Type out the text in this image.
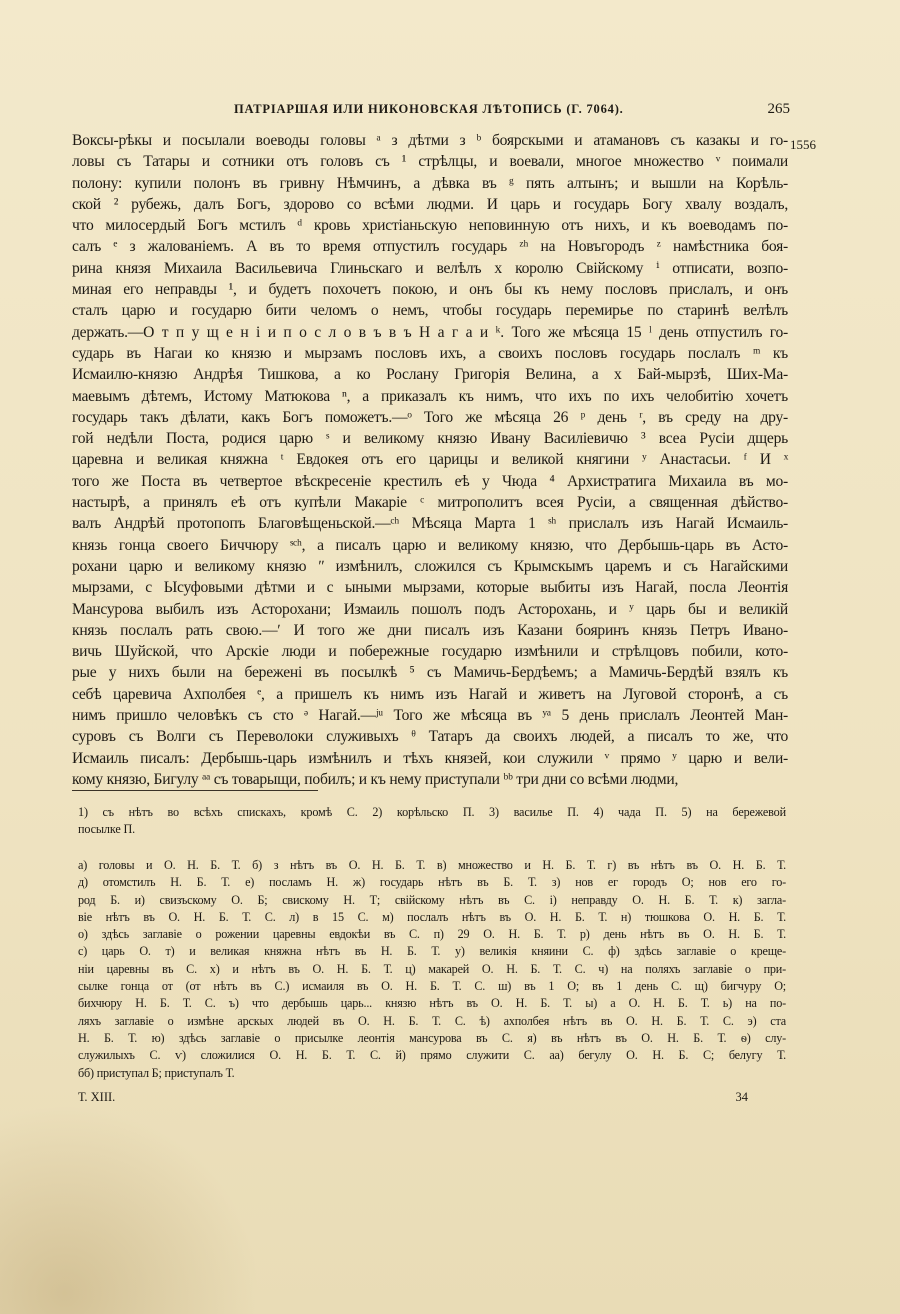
ПАТРІАРШАЯ ИЛИ НИКОНОВСКАЯ ЛѢТОПИСЬ (Г. 7064).	265
1556
Воксы-рѣкы и посылали воеводы головы ᵃ з дѣтми з ᵇ боярскыми и атамановъ съ казакы и го-
ловы съ Татары и сотники отъ головъ съ ¹ стрѣлцы, и воевали, многое множество ᵛ поимали
полону: купили полонъ въ гривну Нѣмчинъ, а дѣвка въ ᵍ пять алтынъ; и вышли на Корѣль-
ской ² рубежь, далъ Богъ, здорово со всѣми людми. И царь и государь Богу хвалу воздалъ,
что милосердый Богъ мстилъ ᵈ кровь христіаньскую неповинную отъ нихъ, и къ воеводамъ по-
салъ ᵉ з жалованіемъ. А въ то время отпустилъ государь ᶻʰ на Новъгородъ ᶻ намѣстника боя-
рина князя Михаила Васильевича Глиньскаго и велѣлъ х королю Свійскому ⁱ отписати, возпо-
миная его неправды ¹, и будетъ похочетъ покою, и онъ бы къ нему пословъ прислалъ, и онъ
сталъ царю и государю бити челомъ о немъ, чтобы государь перемирье по старинѣ велѣлъ
держать.—О т п у щ е н і и п о с л о в ъ в ъ Н а г а и ᵏ. Того же мѣсяца 15 ˡ день отпустилъ го-
сударь въ Нагаи ко князю и мырзамъ пословъ ихъ, а своихъ пословъ государь послалъ ᵐ къ
Исмаилю-князю Андрѣя Тишкова, а ко Рослану Григорія Велина, а х Бай-мырзѣ, Ших-Ма-
маевымъ дѣтемъ, Истому Матюкова ⁿ, а приказалъ къ нимъ, что ихъ по ихъ челобитію хочетъ
государь такъ дѣлати, какъ Богъ поможетъ.—ᵒ Того же мѣсяца 26 ᵖ день ʳ, въ среду на дру-
гой недѣли Поста, родися царю ˢ и великому князю Ивану Василіевичю ³ всеа Русіи дщерь
царевна и великая княжна ᵗ Евдокея отъ его царицы и великой княгини ʸ Анастасьи. ᶠ И ˣ
того же Поста въ четвертое вѣскресеніе крестилъ еѣ у Чюда ⁴ Архистратига Михаила въ мо-
настырѣ, а принялъ еѣ отъ купѣли Макаріе ᶜ митрополитъ всея Русіи, а священная дѣйство-
валъ Андрѣй протопопъ Благовѣщеньской.—ᶜʰ Мѣсяца Марта 1 ˢʰ прислалъ изъ Нагай Исмаиль-
князь гонца своего Биччюру ˢᶜʰ, а писалъ царю и великому князю, что Дербышь-царь въ Асто-
рохани царю и великому князю ʺ измѣнилъ, сложился съ Крымскымъ царемъ и съ Нагайскими
мырзами, с Ысуфовыми дѣтми и с ыными мырзами, которые выбиты изъ Нагай, посла Леонтія
Мансурова выбилъ изъ Асторохани; Измаиль пошолъ подъ Асторохань, и ʸ царь бы и великій
князь послалъ рать свою.—ʹ И того же дни писалъ изъ Казани бояринъ князь Петръ Ивано-
вичь Шуйской, что Арскіе люди и побережные государю измѣнили и стрѣлцовъ побили, кото-
рые у нихъ были на бережені въ посылкѣ ⁵ съ Мамичь-Бердѣемъ; а Мамичь-Бердѣй взялъ къ
себѣ царевича Ахполбея ᵉ, а пришелъ къ нимъ изъ Нагай и живетъ на Луговой сторонѣ, а съ
нимъ пришло человѣкъ съ сто ᵊ Нагай.—ʲᵘ Того же мѣсяца въ ʸᵃ 5 день прислалъ Леонтей Ман-
суровъ съ Волги съ Переволоки служивыхъ ᶿ Татаръ да своихъ людей, а писалъ то же, что
Исмаиль писалъ: Дербышь-царь измѣнилъ и тѣхъ князей, кои служили ᵛ прямо ʸ царю и вели-
кому князю, Бигулу ᵃᵃ съ товарыщи, побилъ; и къ нему приступали ᵇᵇ три дни со всѣми людми,
1) съ нѣтъ во всѣхъ спискахъ, кромѣ С. 2) корѣльско П. 3) василье П. 4) чада П. 5) на бережевой
посылке П.
а) головы и О. Н. Б. Т. б) з нѣтъ въ О. Н. Б. Т. в) множество и Н. Б. Т. г) въ нѣтъ въ О. Н. Б. Т.
д) отомстилъ Н. Б. Т. е) посламъ Н. ж) государь нѣтъ въ Б. Т. з) нов ег городъ О; нов его го-
род Б. и) свизъскому О. Б; свискому Н. Т; свійскому нѣтъ въ С. і) неправду О. Н. Б. Т. к) загла-
віе нѣтъ въ О. Н. Б. Т. С. л) в 15 С. м) послалъ нѣтъ въ О. Н. Б. Т. н) тюшкова О. Н. Б. Т.
о) здѣсь заглавіе о рожении царевны евдокѣи въ С. п) 29 О. Н. Б. Т. р) день нѣтъ въ О. Н. Б. Т.
с) царь О. т) и великая княжна нѣтъ въ Н. Б. Т. у) великія княини С. ф) здѣсь заглавіе о креще-
ніи царевны въ С. х) и нѣтъ въ О. Н. Б. Т. ц) макарей О. Н. Б. Т. С. ч) на поляхъ заглавіе о при-
сылке гонца от (от нѣтъ въ С.) исмаиля въ О. Н. Б. Т. С. ш) въ 1 О; въ 1 день С. щ) бигчуру О;
бихчюру Н. Б. Т. С. ъ) что дербышь царь... князю нѣтъ въ О. Н. Б. Т. ы) а О. Н. Б. Т. ь) на по-
ляхъ заглавіе о измѣне арскых людей въ О. Н. Б. Т. С. ѣ) ахполбея нѣтъ въ О. Н. Б. Т. С. э) ста
Н. Б. Т. ю) здѣсь заглавіе о присылке леонтія мансурова въ С. я) въ нѣтъ въ О. Н. Б. Т. ѳ) слу-
служилыхъ С. ѵ) сложилися О. Н. Б. Т. С. й) прямо служити С. аа) бегулу О. Н. Б. С; белугу Т.
бб) приступал Б; приступалъ Т.
Т. XIII.	34
